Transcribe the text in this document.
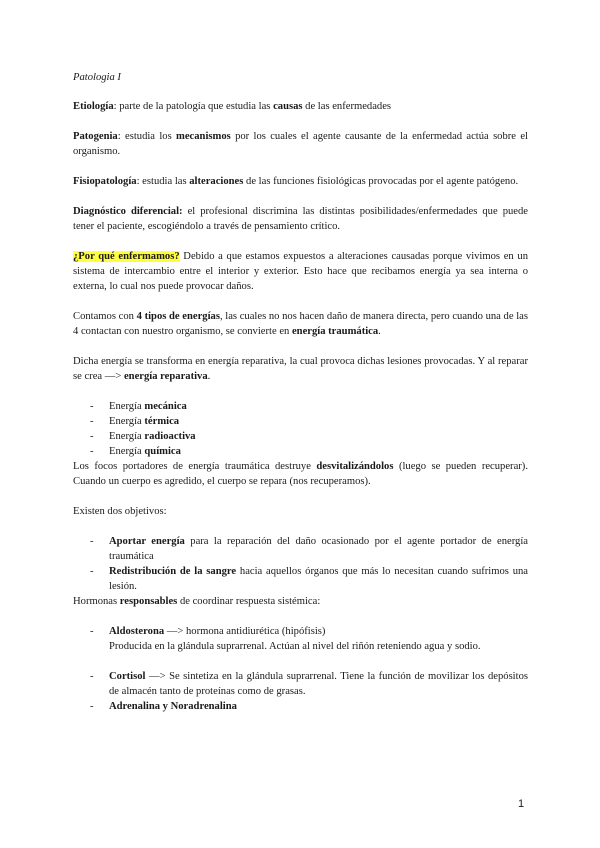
Patologia I

Etiología: parte de la patología que estudia las causas de las enfermedades

Patogenia: estudia los mecanismos por los cuales el agente causante de la enfermedad actúa sobre el organismo.

Fisiopatología: estudia las alteraciones de las funciones fisiológicas provocadas por el agente patógeno.

Diagnóstico diferencial: el profesional discrimina las distintas posibilidades/enfermedades que puede tener el paciente, escogiéndolo a través de pensamiento crítico.

¿Por qué enfermamos? Debido a que estamos expuestos a alteraciones causadas porque vivimos en un sistema de intercambio entre el interior y exterior. Esto hace que recibamos energía ya sea interna o externa, lo cual nos puede provocar daños.

Contamos con 4 tipos de energías, las cuales no nos hacen daño de manera directa, pero cuando una de las 4 contactan con nuestro organismo, se convierte en energía traumática.

Dicha energía se transforma en energía reparativa, la cual provoca dichas lesiones provocadas. Y al reparar se crea —> energía reparativa.

- Energía mecánica
- Energía térmica
- Energía radioactiva
- Energía química

Los focos portadores de energía traumática destruye desvitalizándolos (luego se pueden recuperar). Cuando un cuerpo es agredido, el cuerpo se repara (nos recuperamos).

Existen dos objetivos:

- Aportar energía para la reparación del daño ocasionado por el agente portador de energía traumática
- Redistribución de la sangre hacia aquellos órganos que más lo necesitan cuando sufrimos una lesión.

Hormonas responsables de coordinar respuesta sistémica:

- Aldosterona —> hormona antidiurética (hipófisis)

Producida en la glándula suprarrenal. Actúan al nivel del riñón reteniendo agua y sodio.

- Cortisol —> Se sintetiza en la glándula suprarrenal. Tiene la función de movilizar los depósitos de almacén tanto de proteínas como de grasas.
- Adrenalina y Noradrenalina
1
